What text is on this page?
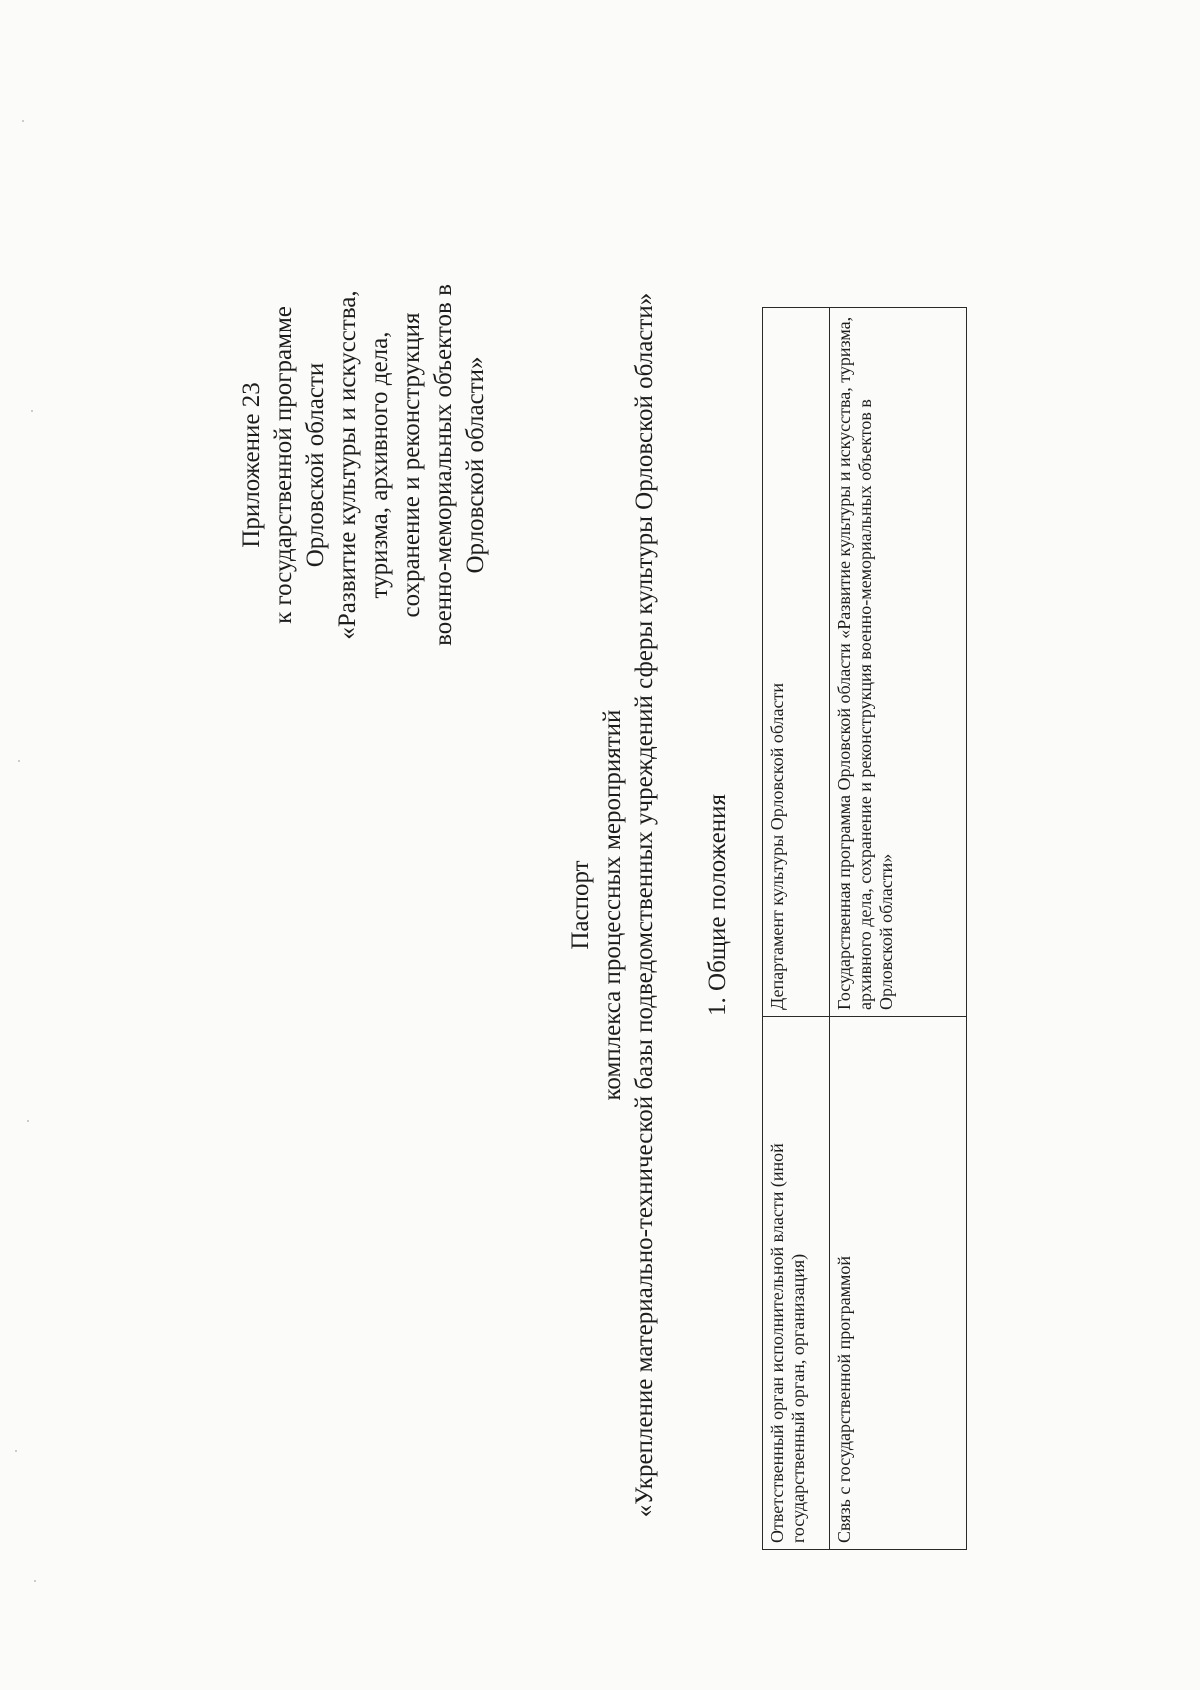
Приложение 23 к государственной программе Орловской области «Развитие культуры и искусства, туризма, архивного дела, сохранение и реконструкция военно-мемориальных объектов в Орловской области»
Паспорт комплекса процессных мероприятий «Укрепление материально-технической базы подведомственных учреждений сферы культуры Орловской области» 1. Общие положения
Ответственный орган исполнительной власти (иной государственный орган, организация)	Департамент культуры Орловской области
Связь с государственной программой	Государственная программа Орловской области «Развитие культуры и искусства, туризма, архивного дела, сохранение и реконструкция военно-мемориальных объектов в Орловской области»
